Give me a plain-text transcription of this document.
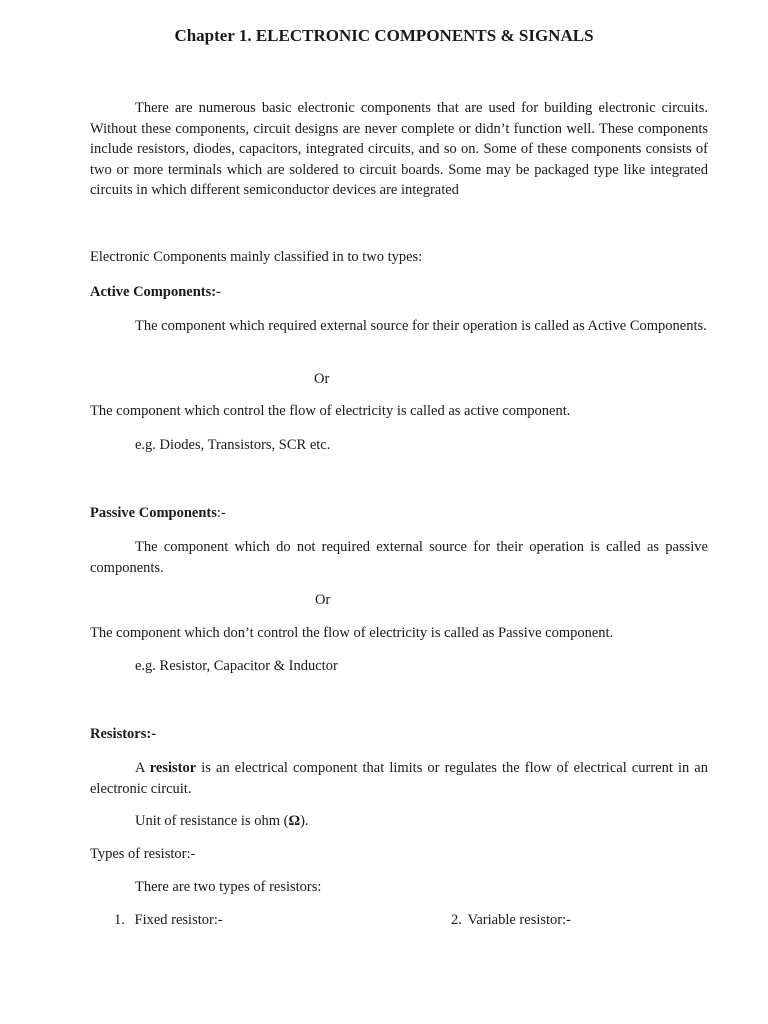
Chapter 1. ELECTRONIC COMPONENTS & SIGNALS

There are numerous basic electronic components that are used for building electronic circuits. Without these components, circuit designs are never complete or didn’t function well. These components include resistors, diodes, capacitors, integrated circuits, and so on. Some of these components consists of two or more terminals which are soldered to circuit boards. Some may be packaged type like integrated circuits in which different semiconductor devices are integrated

Electronic Components mainly classified in to two types:
Active Components:-

The component which required external source for their operation is called as Active Components.

Or
The component which control the flow of electricity is called as active component.
e.g. Diodes, Transistors, SCR etc.
Passive Components:-

The component which do not required external source for their operation is called as passive components.

Or
The component which don’t control the flow of electricity is called as Passive component.
e.g. Resistor, Capacitor & Inductor
Resistors:-

A resistor is an electrical component that limits or regulates the flow of electrical current in an electronic circuit.

Unit of resistance is ohm (Ω).
Types of resistor:-
There are two types of resistors:
1. Fixed resistor:-	2. Variable resistor:-
